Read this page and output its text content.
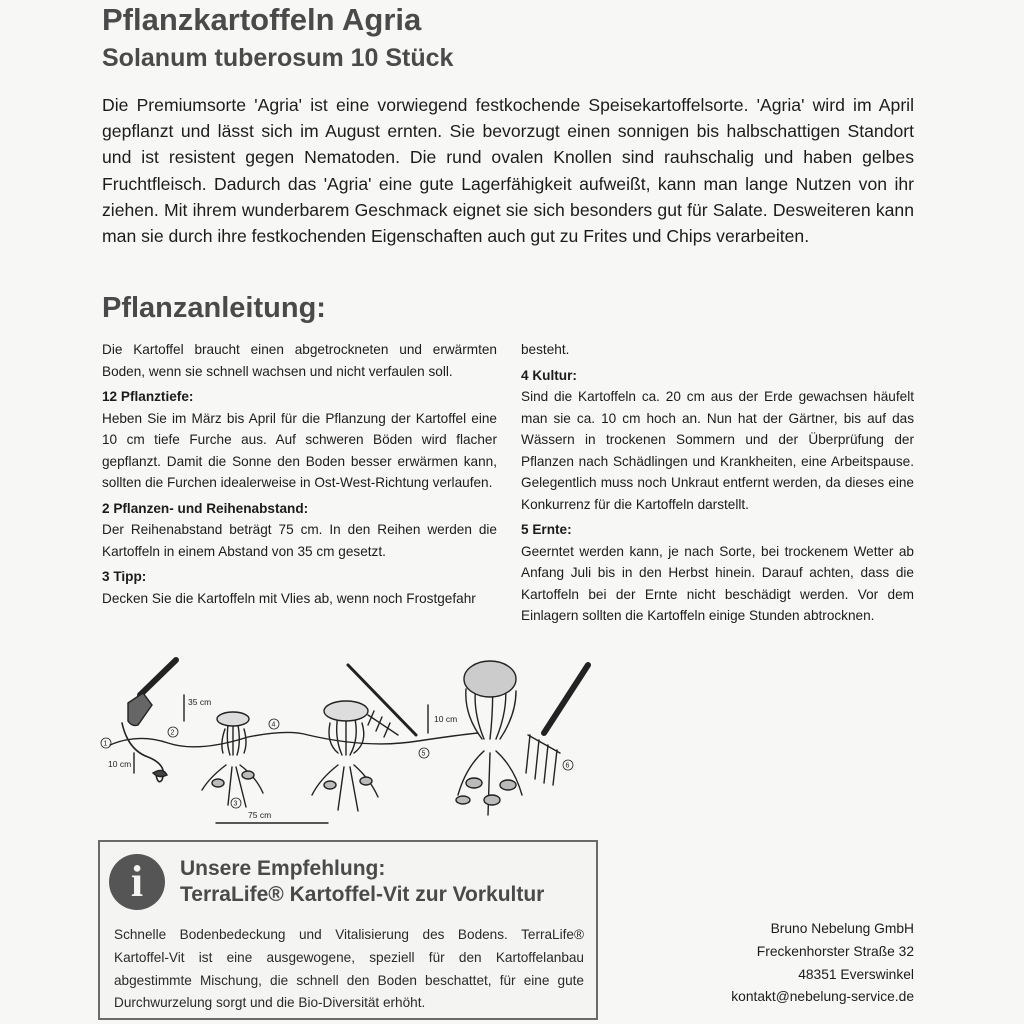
Pflanzkartoffeln Agria
Solanum tuberosum 10 Stück
Die Premiumsorte 'Agria' ist eine vorwiegend festkochende Speisekartoffelsorte. 'Agria' wird im April gepflanzt und lässt sich im August ernten. Sie bevorzugt einen sonnigen bis halbschattigen Standort und ist resistent gegen Nematoden. Die rund ovalen Knollen sind rauhschalig und haben gelbes Fruchtfleisch. Dadurch das 'Agria' eine gute Lagerfähigkeit aufweißt, kann man lange Nutzen von ihr ziehen. Mit ihrem wunderbarem Geschmack eignet sie sich besonders gut für Salate. Desweiteren kann man sie durch ihre festkochenden Eigenschaften auch gut zu Frites und Chips verarbeiten.
Pflanzanleitung:
Die Kartoffel braucht einen abgetrockneten und erwärmten Boden, wenn sie schnell wachsen und nicht verfaulen soll.
12 Pflanztiefe:
Heben Sie im März bis April für die Pflanzung der Kartoffel eine 10 cm tiefe Furche aus. Auf schweren Böden wird flacher gepflanzt. Damit die Sonne den Boden besser erwärmen kann, sollten die Furchen idealerweise in Ost-West-Richtung verlaufen.
2 Pflanzen- und Reihenabstand:
Der Reihenabstand beträgt 75 cm. In den Reihen werden die Kartoffeln in einem Abstand von 35 cm gesetzt.
3 Tipp:
Decken Sie die Kartoffeln mit Vlies ab, wenn noch Frostgefahr
besteht.
4 Kultur:
Sind die Kartoffeln ca. 20 cm aus der Erde gewachsen häufelt man sie ca. 10 cm hoch an. Nun hat der Gärtner, bis auf das Wässern in trockenen Sommern und der Überprüfung der Pflanzen nach Schädlingen und Krankheiten, eine Arbeitspause. Gelegentlich muss noch Unkraut entfernt werden, da dieses eine Konkurrenz für die Kartoffeln darstellt.
5 Ernte:
Geerntet werden kann, je nach Sorte, bei trockenem Wetter ab Anfang Juli bis in den Herbst hinein. Darauf achten, dass die Kartoffeln bei der Ernte nicht beschädigt werden. Vor dem Einlagern sollten die Kartoffeln einige Stunden abtrocknen.
35 cm
75 cm
10 cm
10 cm
1
2
3
4
5
6
i	Unsere Empfehlung:
TerraLife® Kartoffel-Vit zur Vorkultur
Schnelle Bodenbedeckung und Vitalisierung des Bodens. TerraLife® Kartoffel-Vit ist eine ausgewogene, speziell für den Kartoffelanbau abgestimmte Mischung, die schnell den Boden beschattet, für eine gute Durchwurzelung sorgt und die Bio-Diversität erhöht.
Bruno Nebelung GmbH
Freckenhorster Straße 32
48351 Everswinkel
kontakt@nebelung-service.de
